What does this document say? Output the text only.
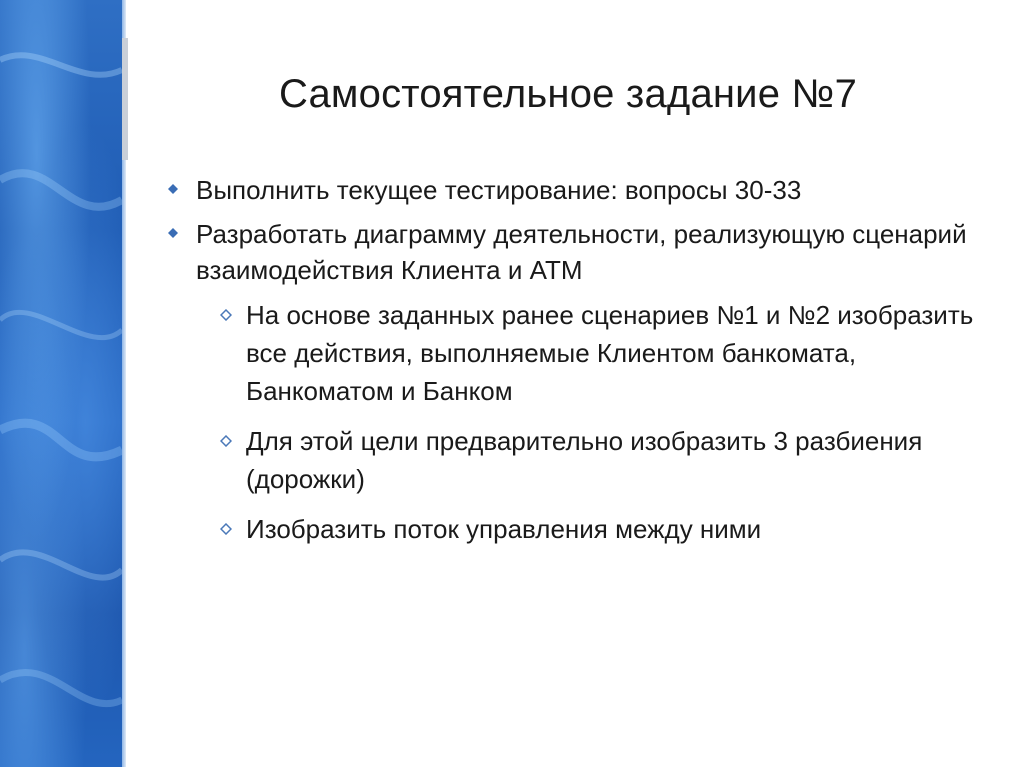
Самостоятельное задание №7
Выполнить текущее тестирование: вопросы 30-33
Разработать диаграмму деятельности, реализующую сценарий взаимодействия Клиента и ATM
На основе заданных ранее сценариев №1 и №2 изобразить все действия, выполняемые Клиентом банкомата, Банкоматом и Банком
Для этой цели предварительно изобразить 3 разбиения (дорожки)
Изобразить поток управления между ними
